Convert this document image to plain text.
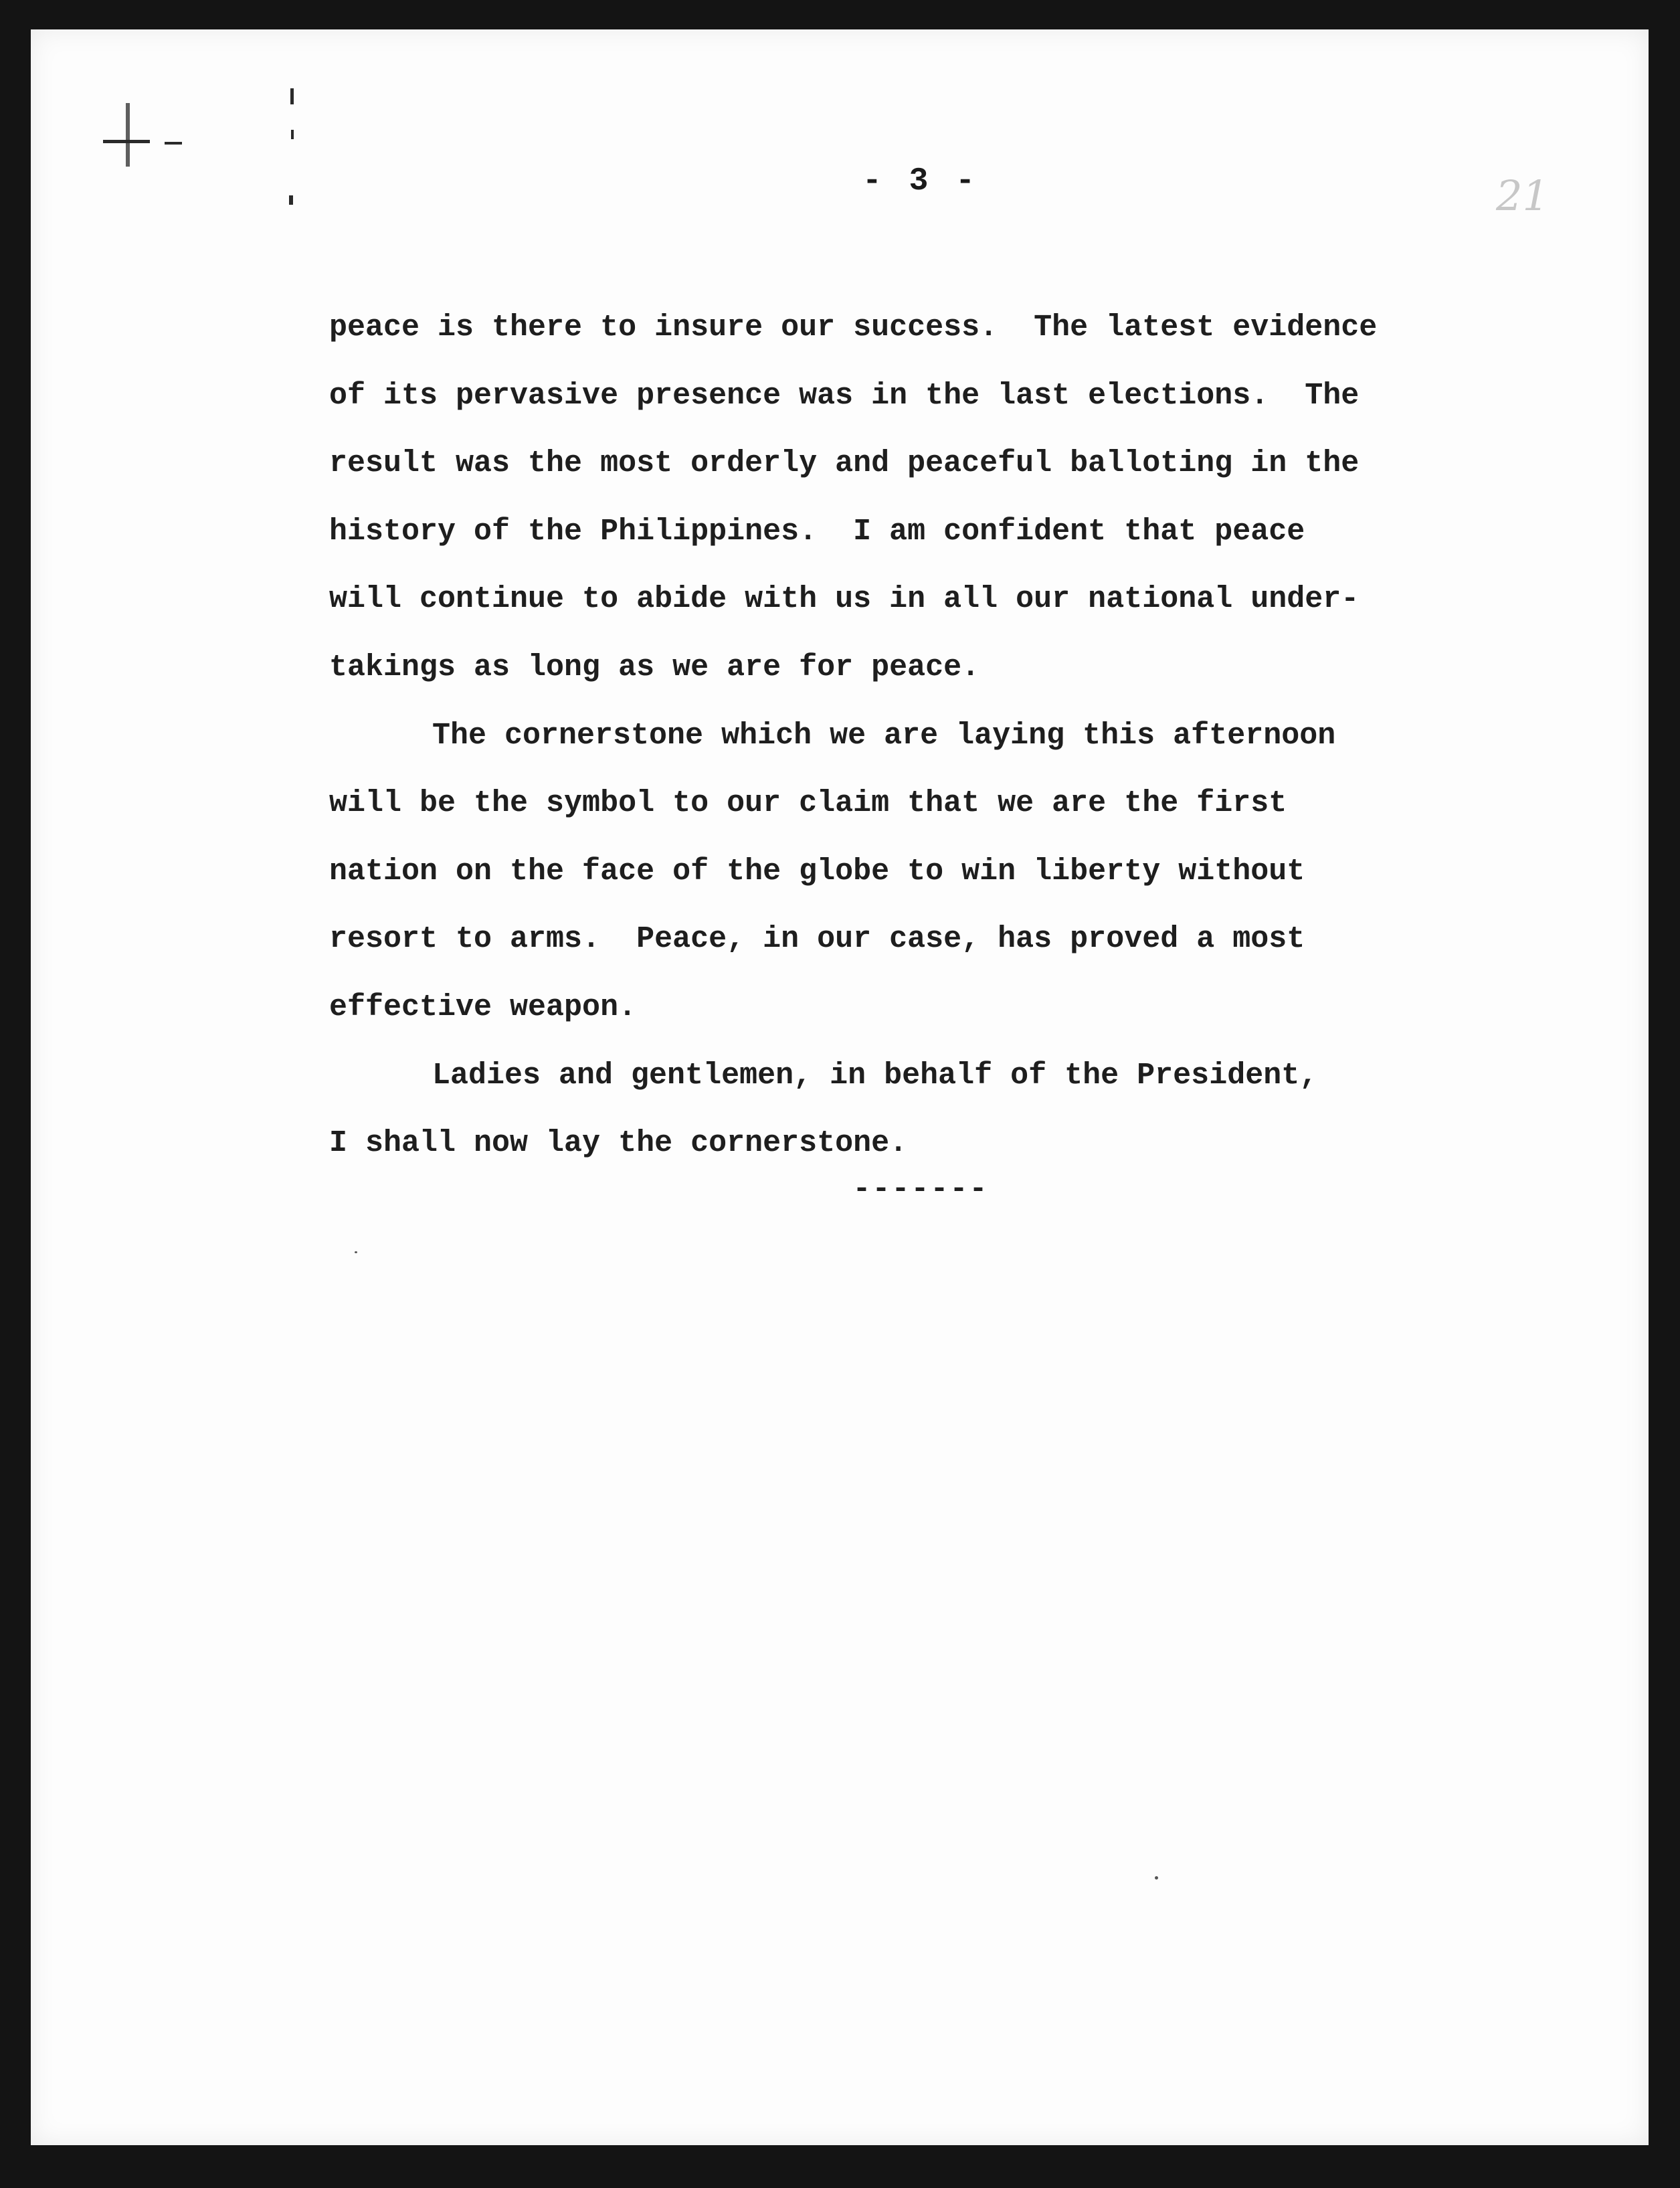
- 3 -	21
peace is there to insure our success.  The latest evidence
of its pervasive presence was in the last elections.  The
result was the most orderly and peaceful balloting in the
history of the Philippines.  I am confident that peace
will continue to abide with us in all our national under-
takings as long as we are for peace.
The cornerstone which we are laying this afternoon
will be the symbol to our claim that we are the first
nation on the face of the globe to win liberty without
resort to arms.  Peace, in our case, has proved a most
effective weapon.
Ladies and gentlemen, in behalf of the President,
I shall now lay the cornerstone.
-------
